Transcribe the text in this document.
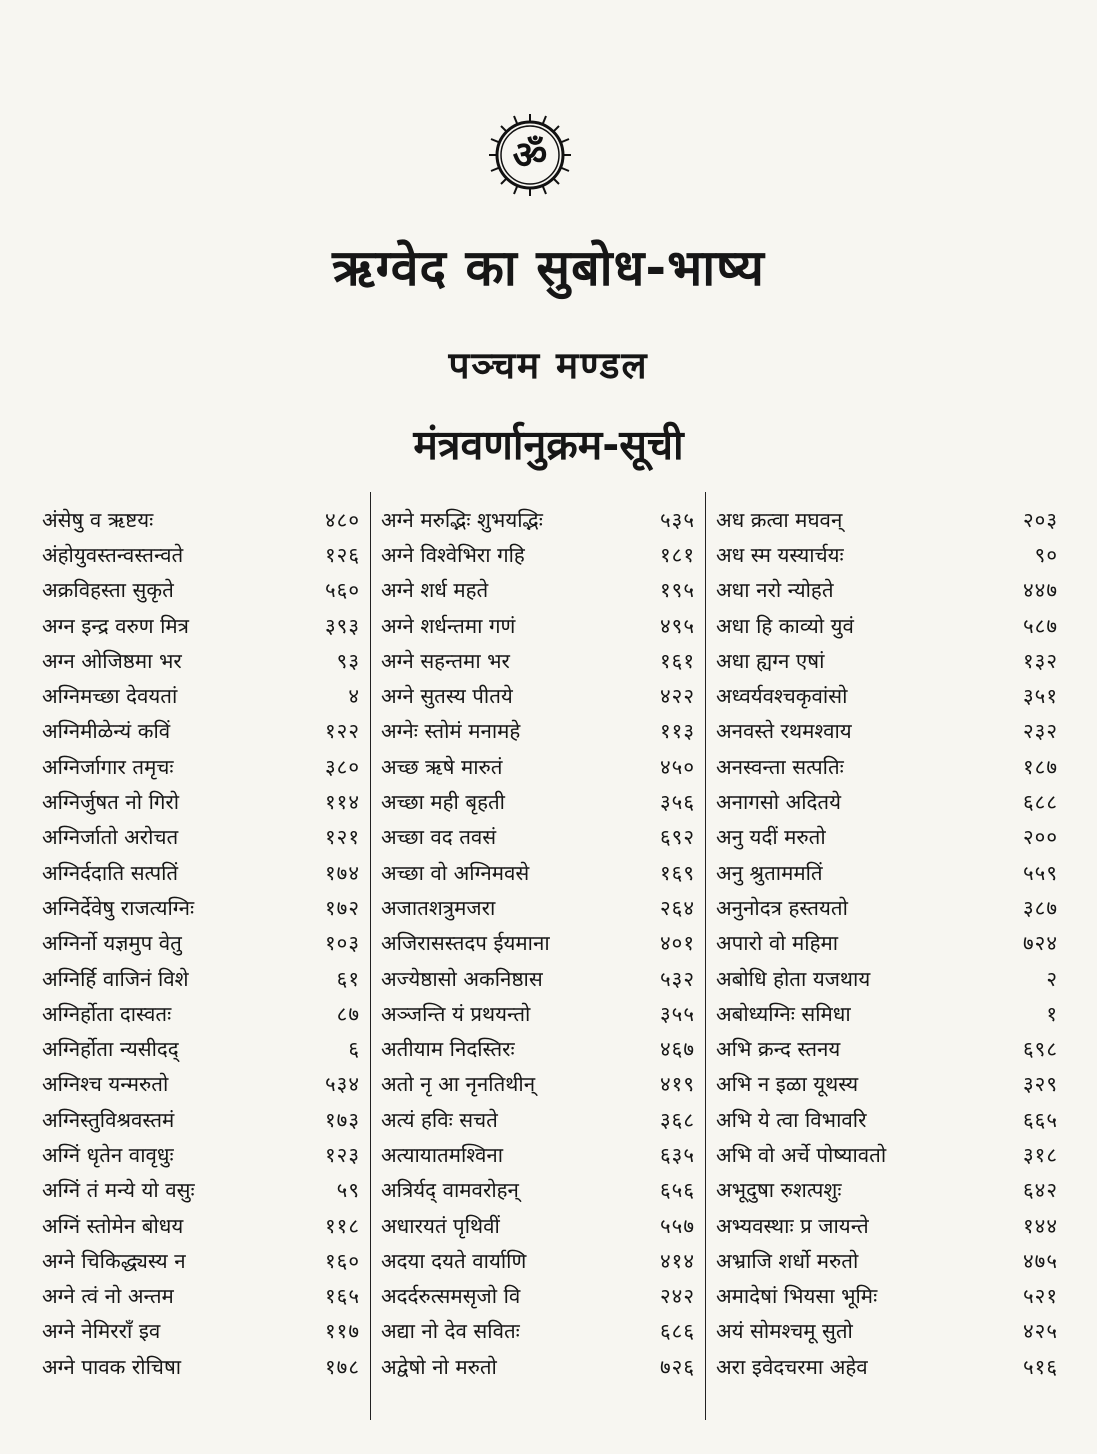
ॐ
ऋग्वेद का सुबोध-भाष्य
पञ्चम मण्डल
मंत्रवर्णानुक्रम-सूची
अंसेषु व ऋष्टयः	४८०
अंहोयुवस्तन्वस्तन्वते	१२६
अक्रविहस्ता सुकृते	५६०
अग्न इन्द्र वरुण मित्र	३९३
अग्न ओजिष्ठमा भर	९३
अग्निमच्छा देवयतां	४
अग्निमीळेन्यं कविं	१२२
अग्निर्जागार तमृचः	३८०
अग्निर्जुषत नो गिरो	११४
अग्निर्जातो अरोचत	१२१
अग्निर्ददाति सत्पतिं	१७४
अग्निर्देवेषु राजत्यग्निः	१७२
अग्निर्नो यज्ञमुप वेतु	१०३
अग्निर्हि वाजिनं विशे	६१
अग्निर्होता दास्वतः	८७
अग्निर्होता न्यसीदद्	६
अग्निश्च यन्मरुतो	५३४
अग्निस्तुविश्रवस्तमं	१७३
अग्निं धृतेन वावृधुः	१२३
अग्निं तं मन्ये यो वसुः	५९
अग्निं स्तोमेन बोधय	११८
अग्ने चिकिद्ध्यस्य न	१६०
अग्ने त्वं नो अन्तम	१६५
अग्ने नेमिरराँ इव	११७
अग्ने पावक रोचिषा	१७८
अग्ने मरुद्भिः शुभयद्भिः	५३५
अग्ने विश्वेभिरा गहि	१८१
अग्ने शर्ध महते	१९५
अग्ने शर्धन्तमा गणं	४९५
अग्ने सहन्तमा भर	१६१
अग्ने सुतस्य पीतये	४२२
अग्नेः स्तोमं मनामहे	११३
अच्छ ऋषे मारुतं	४५०
अच्छा मही बृहती	३५६
अच्छा वद तवसं	६९२
अच्छा वो अग्निमवसे	१६९
अजातशत्रुमजरा	२६४
अजिरासस्तदप ईयमाना	४०१
अज्येष्ठासो अकनिष्ठास	५३२
अञ्जन्ति यं प्रथयन्तो	३५५
अतीयाम निदस्तिरः	४६७
अतो नृ आ नृनतिथीन्	४१९
अत्यं हविः सचते	३६८
अत्यायातमश्विना	६३५
अत्रिर्यद् वामवरोहन्	६५६
अधारयतं पृथिवीं	५५७
अदया दयते वार्याणि	४१४
अदर्दरुत्समसृजो वि	२४२
अद्या नो देव सवितः	६८६
अद्वेषो नो मरुतो	७२६
अध क्रत्वा मघवन्	२०३
अध स्म यस्यार्चयः	९०
अधा नरो न्योहते	४४७
अधा हि काव्यो युवं	५८७
अधा ह्यग्न एषां	१३२
अध्वर्यवश्चकृवांसो	३५१
अनवस्ते रथमश्वाय	२३२
अनस्वन्ता सत्पतिः	१८७
अनागसो अदितये	६८८
अनु यदीं मरुतो	२००
अनु श्रुताममतिं	५५९
अनुनोदत्र हस्तयतो	३८७
अपारो वो महिमा	७२४
अबोधि होता यजथाय	२
अबोध्यग्निः समिधा	१
अभि क्रन्द स्तनय	६९८
अभि न इळा यूथस्य	३२९
अभि ये त्वा विभावरि	६६५
अभि वो अर्चे पोष्यावतो	३१८
अभूदुषा रुशत्पशुः	६४२
अभ्यवस्थाः प्र जायन्ते	१४४
अभ्राजि शर्धो मरुतो	४७५
अमादेषां भियसा भूमिः	५२१
अयं सोमश्चमू सुतो	४२५
अरा इवेदचरमा अहेव	५१६
